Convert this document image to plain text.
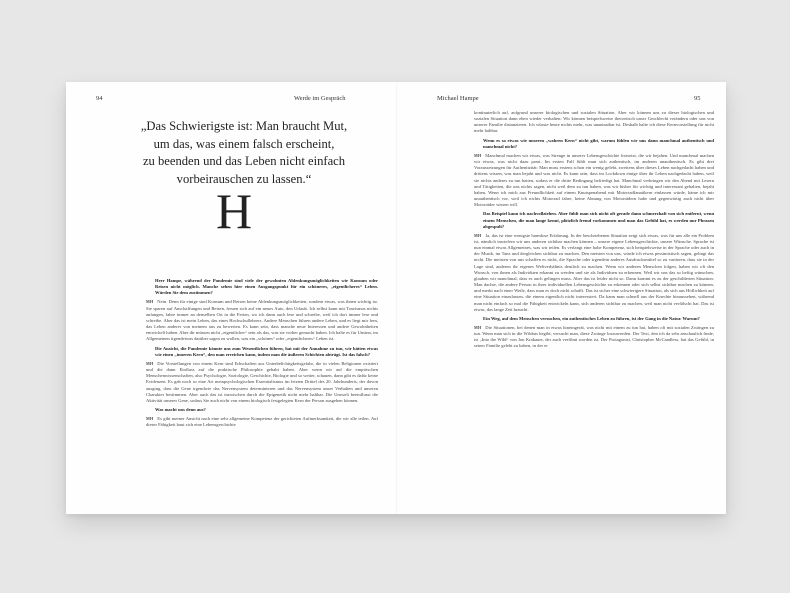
94	Werde im Gespräch	Michael Hampe	95
„Das Schwierigste ist: Man braucht Mut,
um das, was einem falsch erscheint,
zu beenden und das Leben nicht einfach
vorbeirauschen zu lassen.“
H

Herr Hampe, während der Pandemie sind viele der gewohnten Ablenkungsmöglichkeiten wie Konsum oder Reisen nicht möglich. Manche sehen hier einen Ausgangspunkt für ein schöneres, „eigentlicheres“ Leben. Würden Sie dem zustimmen?

MH Nein. Denn für einige sind Konsum und Reisen keine Ablenkungsmöglichkeiten, sondern etwas, was ihnen wichtig ist. Sie sparen auf Anschaffungen und Reisen, freuen sich auf ein neues Auto, den Urlaub. Ich selbst kann mit Tourismus nichts anfangen, fahre immer an denselben Ort in die Ferien, wo ich dann auch lese und schreibe, weil ich dort immer lese und schreibe. Aber das ist mein Leben, das eines Hochschullehrers. Andere Menschen führen andere Leben, und es liegt mir fern, das Leben anderer von meinem aus zu bewerten. Es kann sein, dass manche neue Interessen und andere Gewohnheiten entwickelt haben. Aber dir müssen nicht „eigentlicher“ sein als das, was sie vorher gemacht haben. Ich halte es für Unsinn, im Allgemeinen irgendetwas darüber sagen zu wollen, was ein „schönes“ oder „eigentlicheres“ Leben ist.

Die Ansicht, die Pandemie könnte uns zum Wesentlichen führen, hat mit der Annahme zu tun, wir hätten etwas wie einen „inneren Kern“, den man erreichen kann, indem man die äußeren Schichten abträgt. Ist das falsch?

MH Die Vorstellungen von einem Kern sind Erbschaften aus Unterbelichtigkeitsgefahr, die in vielen Religionen existiert und die dann Einfluss auf die praktische Philosophie gehabt haben. Aber wenn wir auf die empirischen Menschenwissenschaften, also Psychologie, Soziologie, Geschichte, Biologie und so weiter, schauen, dann gibt es dafür keine Evidenzen. Es gab noch so eine Art metapsychologischen Essentialismus im letzten Drittel des 20. Jahrhunderts, der davon ausging, dass die Gene irgendwie das Nervensystem determinieren und das Nervensystem unser Verhalten und unseren Charakter bestimmen. Aber auch das ist inzwischen durch die Epigenetik nicht mehr haltbar. Die Umwelt beeinflusst die Aktivität unserer Gene, sodass Sie auch nicht von einem biologisch festgelegten Kern der Person ausgehen können.

Was macht uns denn aus?

MH Es gibt meiner Ansicht nach eine sehr allgemeine Kompetenz der gerichteten Aufmerksamkeit, die wir alle teilen. Auf dieser Fähigkeit baut sich eine Lebensgeschichte

kontinuierlich auf, aufgrund unserer biologischen und sozialen Situation. Aber wir können uns zu dieser biologischen und sozialen Situation dann eben wieder verhalten: Wir können beispielsweise theoretisch unser Geschlecht verändern oder uns von unserer Familie distanzieren. Ich wüsste heute nichts mehr, was unantastbar ist. Deshalb halte ich diese Kernvorstellung für nicht mehr haltbar.

Wenn es so etwas wie unseren „wahren Kern“ nicht gibt, warum fühlen wir uns dann manchmal authentisch und manchmal nicht?

MH Manchmal machen wir etwas, was Strenge in unserer Lebensgeschichte fortsetzt, die wir bejahen. Und manchmal machen wir etwas, was nicht dazu passt. Im ersten Fall fühlt man sich authentisch, im anderen unauthentisch. Es gibt drei Voraussetzungen für Authentizität: Man muss erstens schon ein wenig gelebt, zweitens über dieses Leben nachgedacht haben und drittens wissen, was man bejaht und was nicht. Es kann sein, dass im Lockdown einige über ihr Leben nachgedacht haben, weil sie nichts anderes zu tun hatten, sodass er die dritte Bedingung befriedigt hat. Manchmal verbringen wir den Abend mit Lesern und Tätigkeiten, die uns nichts sagen, nicht weil dem zu tun haben, was wir bisher für wichtig und interessant gehalten, bejaht haben. Wenn ich mich aus Freundlichkeit auf einem Knutspenabend mit Motorradfanatikern einlassen würde, käme ich mir unauthentisch vor, weil ich nichts Motorrad fahre, keine Ahnung von Motorrädern habe und gegenwärtig auch nicht über Motorräder wissen will.

Das Beispiel kann ich nachvollziehen. Aber fühlt man sich nicht oft gerade dann schmerzhaft von sich entfernt, wenn einem Menschen, die man lange kennt, plötzlich fremd vorkommen und man das Gefühl hat, es werden nur Phrasen abgespult?

MH Ja, das ist eine wenigste harmlose Erfahrung. In der beschriebenen Situation zeigt sich etwas, was für uns alle ein Problem ist, nämlich inwiefern wir uns anderen sichtbar machen können – unsere eigene Lebensgeschichte, unsere Wünsche. Sprache ist nun einmal etwas Allgemeines, was wir teilen. Es verlangt eine hohe Kompetenz, sich beispielsweise in der Sprache oder auch in der Musik, im Tanz und dergleichen sichtbar zu machen. Den meisten von uns, würde ich etwas pessimistisch sagen, gelingt das nicht. Die meisten von uns schaffen es nicht, die Sprache oder irgendein anderes Ausdrucksmittel so zu variieren, dass sie in der Lage sind, anderen ihr eigenes Weltverhältnis deutlich zu machen. Wenn wir anderen Menschen folgen, haben wir oft den Wunsch, von ihnen als Individuen erkannt zu werden und sie als Individuen zu erkennen. Weil wir uns das so heftig wünschen, glauben wir manchmal, dass es auch gelingen muss. Aber das ist leider nicht so. Dann kommt es zu der geschilderten Situation: Man dachte, die andere Person in ihrer individuellen Lebensgeschichte zu erkennen oder sich selbst sichtbar machen zu können, und merkt nach einer Weile, dass man es doch nicht schafft. Das ist sicher eine schwierigere Situation, als sich aus Höflichkeit auf eine Situation einzulassen, die einem eigentlich nicht interessiert. Da kann man schnell aus der Knechte hinaussehen, während man nicht einfach so mal die Fähigkeit entwickeln kann, sich anderen sichtbar zu machen, weil man nicht verfälscht hat. Das ist etwas, das lange Zeit braucht.

Ein Weg, auf dem Menschen versuchen, ein authentisches Leben zu führen, ist der Gang in die Natur. Warum?

MH Die Situationen, bei denen man in etwas hineingerät, was nicht mit einem zu tun hat, haben oft mit sozialen Zwängen zu tun. Wenn man sich in die Wildnis begibt, versucht man, diese Zwänge loszuwerden. Der Text, den ich da sehr anschaulich finde, ist „Into the Wild“ von Jon Krakauer, der auch verfilmt worden ist. Der Protagonist, Christopher McCandless, hat das Gefühl, in seiner Familie gelebt zu haben, in der er
